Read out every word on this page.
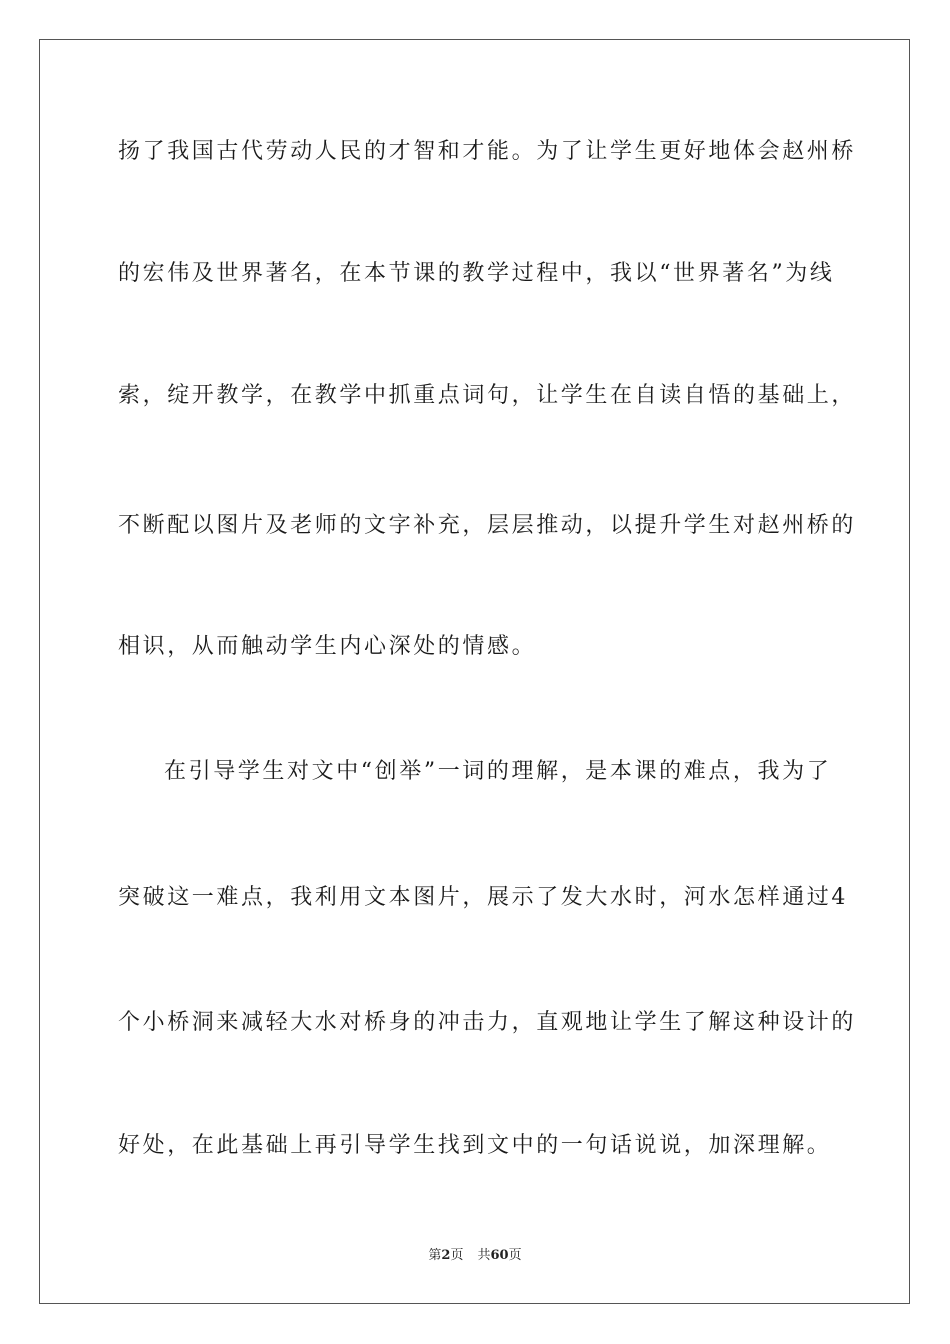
扬了我国古代劳动人民的才智和才能。为了让学生更好地体会赵州桥
的宏伟及世界著名，在本节课的教学过程中，我以“世界著名”为线
索，绽开教学，在教学中抓重点词句，让学生在自读自悟的基础上，
不断配以图片及老师的文字补充，层层推动，以提升学生对赵州桥的
相识，从而触动学生内心深处的情感。
在引导学生对文中“创举”一词的理解，是本课的难点，我为了
突破这一难点，我利用文本图片，展示了发大水时，河水怎样通过4
个小桥洞来减轻大水对桥身的冲击力，直观地让学生了解这种设计的
好处，在此基础上再引导学生找到文中的一句话说说，加深理解。
第2页 共60页
